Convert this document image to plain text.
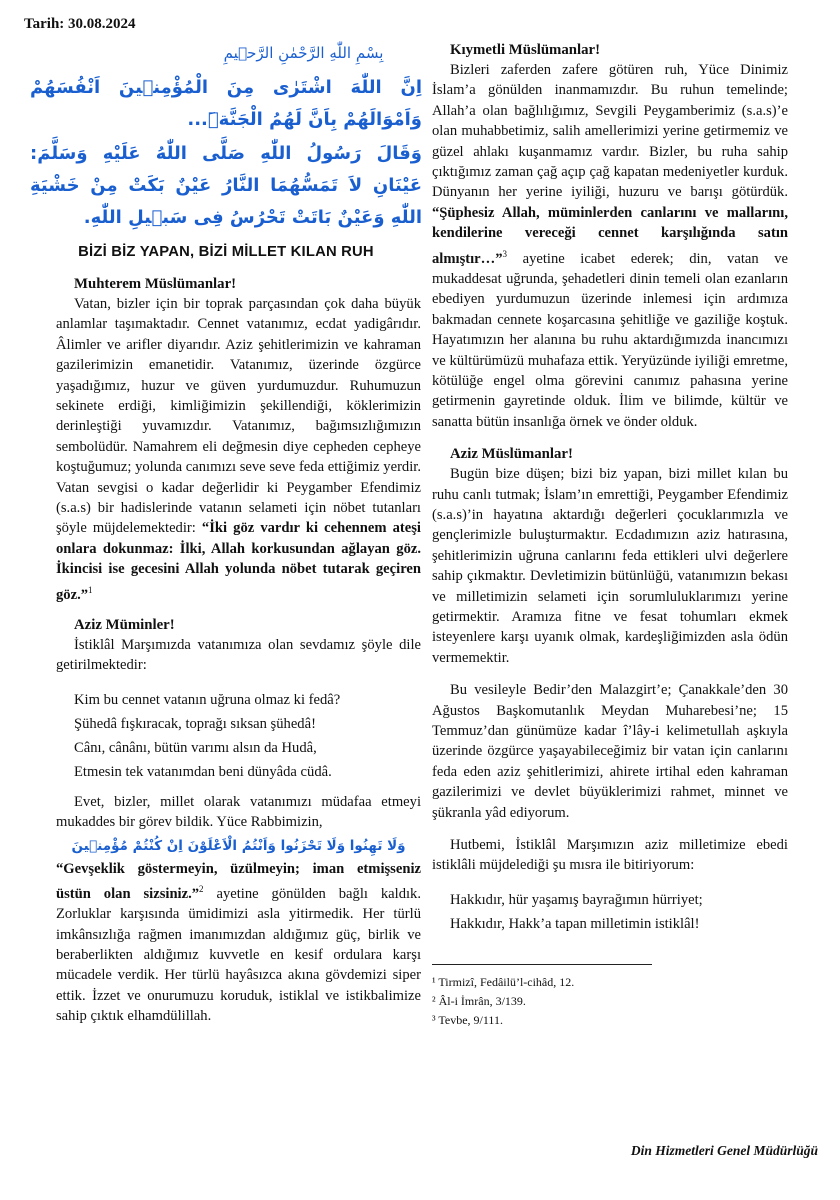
Tarih: 30.08.2024
بِسْمِ اللّٰهِ الرَّحْمٰنِ الرَّح۪يمِ
اِنَّ اللّٰهَ اشْتَرٰى مِنَ الْمُؤْمِن۪ينَ اَنْفُسَهُمْ وَاَمْوَالَهُمْ بِاَنَّ لَهُمُ الْجَنَّةَۜ...
وَقَالَ رَسُولُ اللّٰهِ صَلَّى اللّٰهُ عَلَيْهِ وَسَلَّمَ: عَيْنَانِ لاَ تَمَسُّهُمَا النَّارُ عَيْنٌ بَكَتْ مِنْ خَشْيَةِ اللّٰهِ وَعَيْنٌ بَاتَتْ تَحْرُسُ فِى سَب۪يلِ اللّٰهِ.
BİZİ BİZ YAPAN, BİZİ MİLLET KILAN RUH
Muhterem Müslümanlar!

Vatan, bizler için bir toprak parçasından çok daha büyük anlamlar taşımaktadır. Cennet vatanımız, ecdat yadigârıdır. Âlimler ve arifler diyarıdır. Aziz şehitlerimizin ve kahraman gazilerimizin emanetidir. Vatanımız, üzerinde özgürce yaşadığımız, huzur ve güven yurdumuzdur. Ruhumuzun sekinete erdiği, kimliğimizin şekillendiği, köklerimizin derinleştiği yuvamızdır. Vatanımız, bağımsızlığımızın sembolüdür. Namahrem eli değmesin diye cepheden cepheye koştuğumuz; yolunda canımızı seve seve feda ettiğimiz yerdir. Vatan sevgisi o kadar değerlidir ki Peygamber Efendimiz (s.a.s) bir hadislerinde vatanın selameti için nöbet tutanları şöyle müjdelemektedir: “İki göz vardır ki cehennem ateşi onlara dokunmaz: İlki, Allah korkusundan ağlayan göz. İkincisi ise gecesini Allah yolunda nöbet tutarak geçiren göz.”$^1$

Aziz Müminler!

İstiklâl Marşımızda vatanımıza olan sevdamız şöyle dile getirilmektedir:

Kim bu cennet vatanın uğruna olmaz ki fedâ?
Şühedâ fışkıracak, toprağı sıksan şühedâ!
Cânı, cânânı, bütün varımı alsın da Hudâ,
Etmesin tek vatanımdan beni dünyâda cüdâ.

Evet, bizler, millet olarak vatanımızı müdafaa etmeyi mukaddes bir görev bildik. Yüce Rabbimizin,

وَلَا تَهِنُوا وَلَا تَحْزَنُوا وَاَنْتُمُ الْاَعْلَوْنَ اِنْ كُنْتُمْ مُؤْمِن۪ينَ

“Gevşeklik göstermeyin, üzülmeyin; iman etmişseniz üstün olan sizsiniz.”$^2$ ayetine gönülden bağlı kaldık. Zorluklar karşısında ümidimizi asla yitirmedik. Her türlü imkânsızlığa rağmen imanımızdan aldığımız güç, birlik ve beraberlikten aldığımız kuvvetle en kesif ordulara karşı mücadele verdik. Her türlü hayâsızca akına gövdemizi siper ettik. İzzet ve onurumuzu koruduk, istiklal ve istikbalimize sahip çıktık elhamdülillah.

Kıymetli Müslümanlar!

Bizleri zaferden zafere götüren ruh, Yüce Dinimiz İslam’a gönülden inanmamızdır. Bu ruhun temelinde; Allah’a olan bağlılığımız, Sevgili Peygamberimiz (s.a.s)’e olan muhabbetimiz, salih amellerimizi yerine getirmemiz ve güzel ahlakı kuşanmamız vardır. Bizler, bu ruha sahip çıktığımız zaman çağ açıp çağ kapatan medeniyetler kurduk. Dünyanın her yerine iyiliği, huzuru ve barışı götürdük. “Şüphesiz Allah, müminlerden canlarını ve mallarını, kendilerine vereceği cennet karşılığında satın almıştır…”$^3$ ayetine icabet ederek; din, vatan ve mukaddesat uğrunda, şehadetleri dinin temeli olan ezanların ebediyen yurdumuzun üzerinde inlemesi için ardımıza bakmadan cennete koşarcasına şehitliğe ve gaziliğe koştuk. Hayatımızın her alanına bu ruhu aktardığımızda inancımızı ve kültürümüzü muhafaza ettik. Yeryüzünde iyiliği emretme, kötülüğe engel olma görevini canımız pahasına yerine getirmenin gayretinde olduk. İlim ve bilimde, kültür ve sanatta bütün insanlığa örnek ve önder olduk.

Aziz Müslümanlar!

Bugün bize düşen; bizi biz yapan, bizi millet kılan bu ruhu canlı tutmak; İslam’ın emrettiği, Peygamber Efendimiz (s.a.s)’in hayatına aktardığı değerleri çocuklarımızla ve gençlerimizle buluşturmaktır. Ecdadımızın aziz hatırasına, şehitlerimizin uğruna canlarını feda ettikleri ulvi değerlere sahip çıkmaktır. Devletimizin bütünlüğü, vatanımızın bekası ve milletimizin selameti için sorumluluklarımızı yerine getirmektir. Aramıza fitne ve fesat tohumları ekmek isteyenlere karşı uyanık olmak, kardeşliğimizden asla ödün vermemektir.

Bu vesileyle Bedir’den Malazgirt’e; Çanakkale’den 30 Ağustos Başkomutanlık Meydan Muharebesi’ne; 15 Temmuz’dan günümüze kadar î’lây-i kelimetullah aşkıyla üzerinde özgürce yaşayabileceğimiz bir vatan için canlarını feda eden aziz şehitlerimizi, ahirete irtihal eden kahraman gazilerimizi ve devlet büyüklerimizi rahmet, minnet ve şükranla yâd ediyorum.

Hutbemi, İstiklâl Marşımızın aziz milletimize ebedi istiklâli müjdelediği şu mısra ile bitiriyorum:

Hakkıdır, hür yaşamış bayrağımın hürriyet;
Hakkıdır, Hakk’a tapan milletimin istiklâl!
¹ Tirmizî, Fedâilü’l-cihâd, 12.
² Âl-i İmrân, 3/139.
³ Tevbe, 9/111.
Din Hizmetleri Genel Müdürlüğü
